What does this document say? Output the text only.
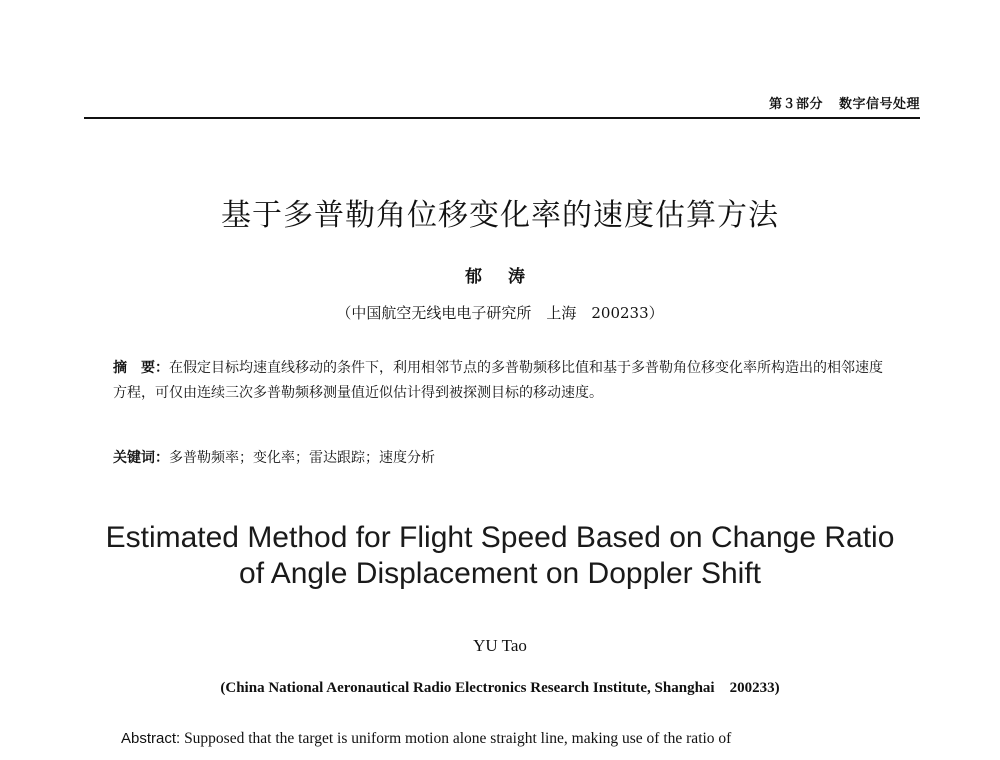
第３部分 数字信号处理
基于多普勒角位移变化率的速度估算方法
郁 涛
（中国航空无线电电子研究所　上海　200233）
摘　要：在假定目标均速直线移动的条件下，利用相邻节点的多普勒频移比值和基于多普勒角位移变化率所构造出的相邻速度方程，可仅由连续三次多普勒频移测量值近似估计得到被探测目标的移动速度。
关键词：多普勒频率；变化率；雷达跟踪；速度分析
Estimated Method for Flight Speed Based on Change Ratio
of Angle Displacement on Doppler Shift
YU Tao
(China National Aeronautical Radio Electronics Research Institute, Shanghai　200233)
Abstract: Supposed that the target is uniform motion alone straight line, making use of the ratio of
